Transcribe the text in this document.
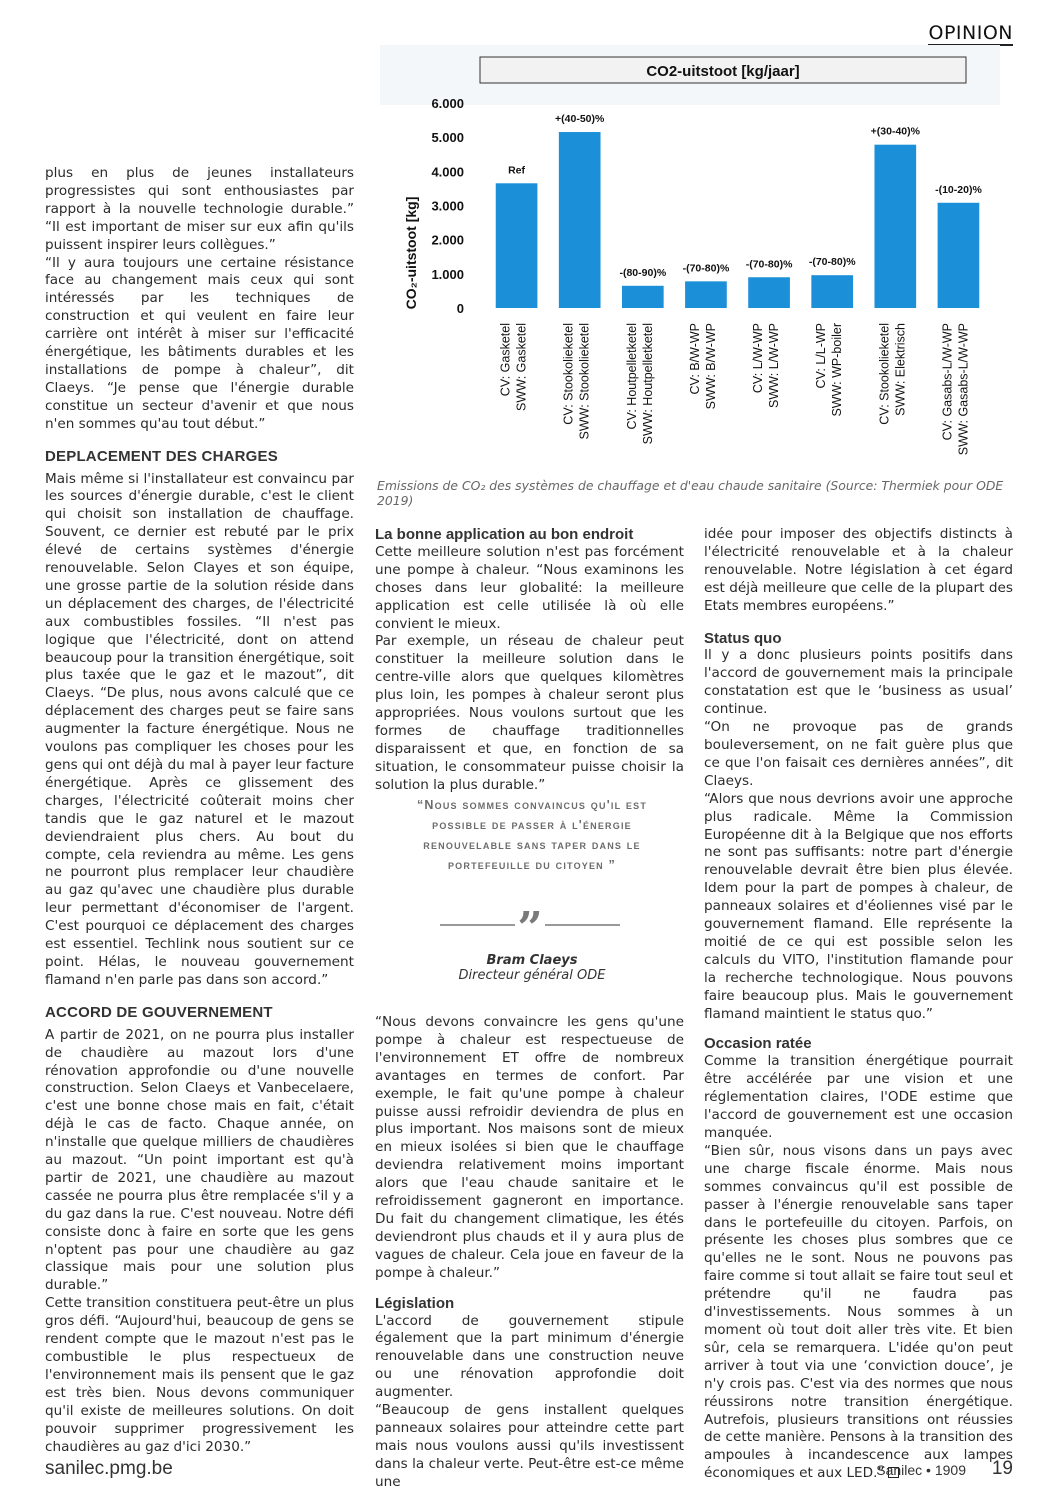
OPINION
CO2-uitstoot [kg/jaar]
CO₂-uitstoot [kg]	0
1.000
2.000
3.000
4.000
5.000
6.000
Ref
+(40-50)%
-(80-90)% -(70-80)% -(70-80)% -(70-80)%
+(30-40)%
-(10-20)%
CV: Gasketel SWW: Gasketel	CV: Stookolieketel SWW: Stookolieketel	CV: Houtpelletketel SWW: Houtpelletketel	CV: B/W-WP SWW: B/W-WP	CV: L/W-WP SWW: L/W-WP	CV: L/L-WP SWW: WP-boiler	CV: Stookolieketel SWW: Elektrisch	CV: Gasabs-L/W-WP SWW: Gasabs-L/W-WP
Emissions de CO₂ des systèmes de chauffage et d'eau chaude sanitaire (Source: Thermiek pour ODE 2019)

plus en plus de jeunes installateurs progressistes qui sont enthousiastes par rapport à la nouvelle technologie durable.” “Il est important de miser sur eux afin qu'ils puissent inspirer leurs collègues.”

“Il y aura toujours une certaine résistance face au changement mais ceux qui sont intéressés par les techniques de construction et qui veulent en faire leur carrière ont intérêt à miser sur l'efficacité énergétique, les bâtiments durables et les installations de pompe à chaleur”, dit Claeys. “Je pense que l'énergie durable constitue un secteur d'avenir et que nous n'en sommes qu'au tout début.”

DEPLACEMENT DES CHARGES

Mais même si l'installateur est convaincu par les sources d'énergie durable, c'est le client qui choisit son installation de chauffage. Souvent, ce dernier est rebuté par le prix élevé de certains systèmes d'énergie renouvelable. Selon Clayes et son équipe, une grosse partie de la solution réside dans un déplacement des charges, de l'électricité aux combustibles fossiles. “Il n'est pas logique que l'électricité, dont on attend beaucoup pour la transition énergétique, soit plus taxée que le gaz et le mazout”, dit Claeys. “De plus, nous avons calculé que ce déplacement des charges peut se faire sans augmenter la facture énergétique. Nous ne voulons pas compliquer les choses pour les gens qui ont déjà du mal à payer leur facture énergétique. Après ce glissement des charges, l'électricité coûterait moins cher tandis que le gaz naturel et le mazout deviendraient plus chers. Au bout du compte, cela reviendra au même. Les gens ne pourront plus remplacer leur chaudière au gaz qu'avec une chaudière plus durable leur permettant d'économiser de l'argent. C'est pourquoi ce déplacement des charges est essentiel. Techlink nous soutient sur ce point. Hélas, le nouveau gouvernement flamand n'en parle pas dans son accord.”

ACCORD DE GOUVERNEMENT

A partir de 2021, on ne pourra plus installer de chaudière au mazout lors d'une rénovation approfondie ou d'une nouvelle construction. Selon Claeys et Vanbecelaere, c'est une bonne chose mais en fait, c'était déjà le cas de facto. Chaque année, on n'installe que quelque milliers de chaudières au mazout. “Un point important est qu'à partir de 2021, une chaudière au mazout cassée ne pourra plus être remplacée s'il y a du gaz dans la rue. C'est nouveau. Notre défi consiste donc à faire en sorte que les gens n'optent pas pour une chaudière au gaz classique mais pour une solution plus durable.”

Cette transition constituera peut-être un plus gros défi. “Aujourd'hui, beaucoup de gens se rendent compte que le mazout n'est pas le combustible le plus respectueux de l'environnement mais ils pensent que le gaz est très bien. Nous devons communiquer qu'il existe de meilleures solutions. On doit pouvoir supprimer progressivement les chaudières au gaz d'ici 2030.”

La bonne application au bon endroit

Cette meilleure solution n'est pas forcément une pompe à chaleur. “Nous examinons les choses dans leur globalité: la meilleure application est celle utilisée là où elle convient le mieux.

Par exemple, un réseau de chaleur peut constituer la meilleure solution dans le centre-ville alors que quelques kilomètres plus loin, les pompes à chaleur seront plus appropriées. Nous voulons surtout que les formes de chauffage traditionnelles disparaissent et que, en fonction de sa situation, le consommateur puisse choisir la solution la plus durable.”

“Nous sommes convaincus qu'il est possible de passer à l'énergie renouvelable sans taper dans le portefeuille du citoyen ”
”
Bram Claeys
Directeur général ODE

“Nous devons convaincre les gens qu'une pompe à chaleur est respectueuse de l'environnement ET offre de nombreux avantages en termes de confort. Par exemple, le fait qu'une pompe à chaleur puisse aussi refroidir deviendra de plus en plus important. Nos maisons sont de mieux en mieux isolées si bien que le chauffage deviendra relativement moins important alors que l'eau chaude sanitaire et le refroidissement gagneront en importance. Du fait du changement climatique, les étés deviendront plus chauds et il y aura plus de vagues de chaleur. Cela joue en faveur de la pompe à chaleur.”

Législation

L'accord de gouvernement stipule également que la part minimum d'énergie renouvelable dans une construction neuve ou une rénovation approfondie doit augmenter.

“Beaucoup de gens installent quelques panneaux solaires pour atteindre cette part mais nous voulons aussi qu'ils investissent dans la chaleur verte. Peut-être est-ce même une

idée pour imposer des objectifs distincts à l'électricité renouvelable et à la chaleur renouvelable. Notre législation à cet égard est déjà meilleure que celle de la plupart des Etats membres européens.”

Status quo

Il y a donc plusieurs points positifs dans l'accord de gouvernement mais la principale constatation est que le ‘business as usual’ continue.

“On ne provoque pas de grands bouleversement, on ne fait guère plus que ce que l'on faisait ces dernières années”, dit Claeys.

“Alors que nous devrions avoir une approche plus radicale. Même la Commission Européenne dit à la Belgique que nos efforts ne sont pas suffisants: notre part d'énergie renouvelable devrait être bien plus élevée. Idem pour la part de pompes à chaleur, de panneaux solaires et d'éoliennes visé par le gouvernement flamand. Elle représente la moitié de ce qui est possible selon les calculs du VITO, l'institution flamande pour la recherche technologique. Nous pouvons faire beaucoup plus. Mais le gouvernement flamand maintient le status quo.”

Occasion ratée

Comme la transition énergétique pourrait être accélérée par une vision et une réglementation claires, l'ODE estime que l'accord de gouvernement est une occasion manquée.

“Bien sûr, nous visons dans un pays avec une charge fiscale énorme. Mais nous sommes convaincus qu'il est possible de passer à l'énergie renouvelable sans taper dans le portefeuille du citoyen. Parfois, on présente les choses plus sombres que ce qu'elles ne le sont. Nous ne pouvons pas faire comme si tout allait se faire tout seul et prétendre qu'il ne faudra pas d'investissements. Nous sommes à un moment où tout doit aller très vite. Et bien sûr, cela se remarquera. L'idée qu'on peut arriver à tout via une ‘conviction douce’, je n'y crois pas. C'est via des normes que nous réussirons notre transition énergétique. Autrefois, plusieurs transitions ont réussies de cette manière. Pensons à la transition des ampoules à incandescence aux lampes économiques et aux LED.”

sanilec.pmg.be	Sanilec • 1909 19
